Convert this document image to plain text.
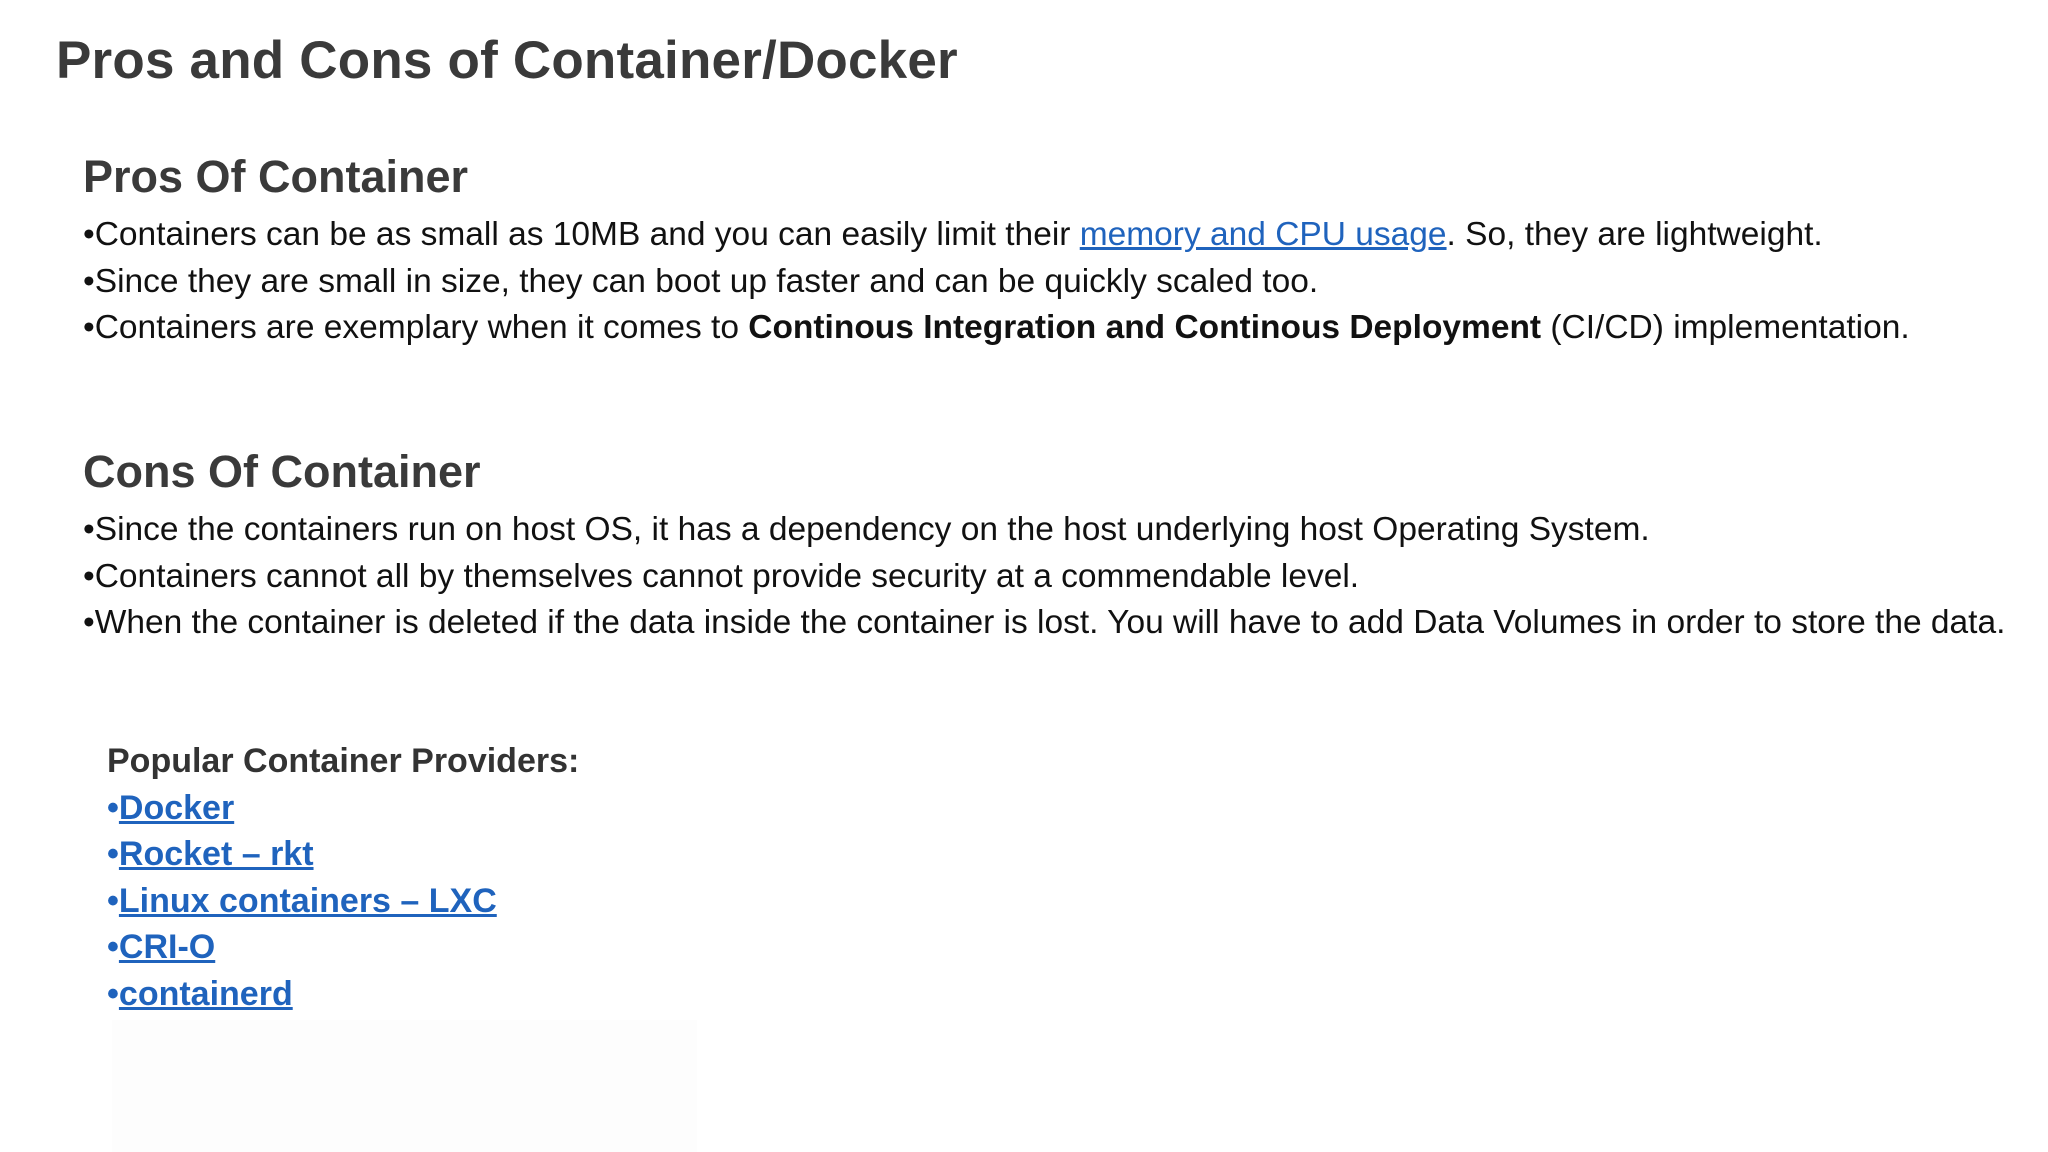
Pros and Cons of Container/Docker
Pros Of Container
•Containers can be as small as 10MB and you can easily limit their memory and CPU usage. So, they are lightweight.
•Since they are small in size, they can boot up faster and can be quickly scaled too.
•Containers are exemplary when it comes to Continous Integration and Continous Deployment (CI/CD) implementation.
Cons Of Container
•Since the containers run on host OS, it has a dependency on the host underlying host Operating System.
•Containers cannot all by themselves cannot provide security at a commendable level.
•When the container is deleted if the data inside the container is lost. You will have to add Data Volumes in order to store the data.
Popular Container Providers:
•Docker
•Rocket – rkt
•Linux containers – LXC
•CRI-O
•containerd
